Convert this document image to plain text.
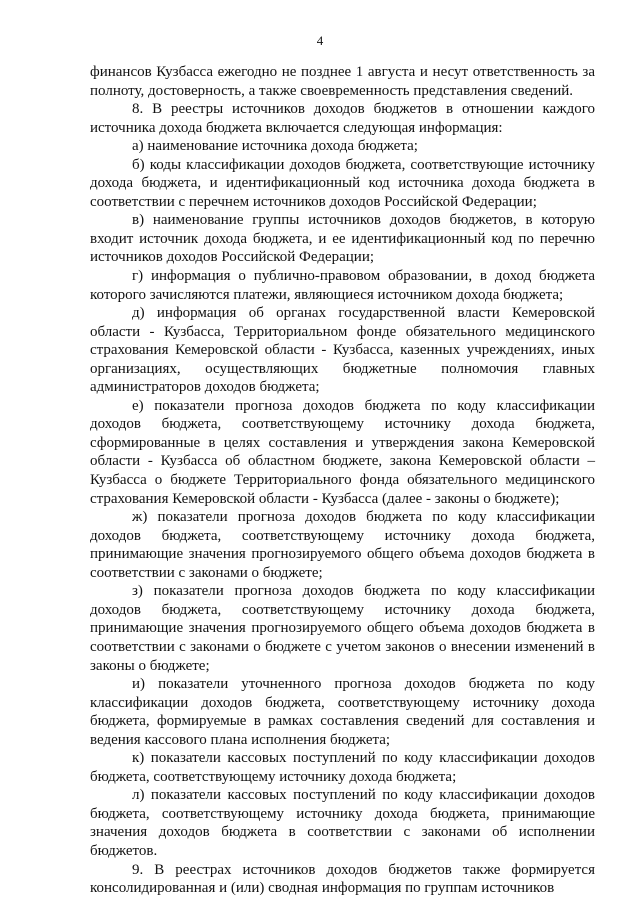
4

финансов Кузбасса ежегодно не позднее 1 августа и несут ответственность за полноту, достоверность, а также своевременность представления сведений.

8. В реестры источников доходов бюджетов в отношении каждого источника дохода бюджета включается следующая информация:

а) наименование источника дохода бюджета;

б) коды классификации доходов бюджета, соответствующие источнику дохода бюджета, и идентификационный код источника дохода бюджета в соответствии с перечнем источников доходов Российской Федерации;

в) наименование группы источников доходов бюджетов, в которую входит источник дохода бюджета, и ее идентификационный код по перечню источников доходов Российской Федерации;

г) информация о публично-правовом образовании, в доход бюджета которого зачисляются платежи, являющиеся источником дохода бюджета;

д) информация об органах государственной власти Кемеровской области - Кузбасса, Территориальном фонде обязательного медицинского страхования Кемеровской области - Кузбасса, казенных учреждениях, иных организациях, осуществляющих бюджетные полномочия главных администраторов доходов бюджета;

е) показатели прогноза доходов бюджета по коду классификации доходов бюджета, соответствующему источнику дохода бюджета, сформированные в целях составления и утверждения закона Кемеровской области - Кузбасса об областном бюджете, закона Кемеровской области – Кузбасса о бюджете Территориального фонда обязательного медицинского страхования Кемеровской области - Кузбасса (далее - законы о бюджете);

ж) показатели прогноза доходов бюджета по коду классификации доходов бюджета, соответствующему источнику дохода бюджета, принимающие значения прогнозируемого общего объема доходов бюджета в соответствии с законами о бюджете;

з) показатели прогноза доходов бюджета по коду классификации доходов бюджета, соответствующему источнику дохода бюджета, принимающие значения прогнозируемого общего объема доходов бюджета в соответствии с законами о бюджете с учетом законов о внесении изменений в законы о бюджете;

и) показатели уточненного прогноза доходов бюджета по коду классификации доходов бюджета, соответствующему источнику дохода бюджета, формируемые в рамках составления сведений для составления и ведения кассового плана исполнения бюджета;

к) показатели кассовых поступлений по коду классификации доходов бюджета, соответствующему источнику дохода бюджета;

л) показатели кассовых поступлений по коду классификации доходов бюджета, соответствующему источнику дохода бюджета, принимающие значения доходов бюджета в соответствии с законами об исполнении бюджетов.

9. В реестрах источников доходов бюджетов также формируется консолидированная и (или) сводная информация по группам источников
